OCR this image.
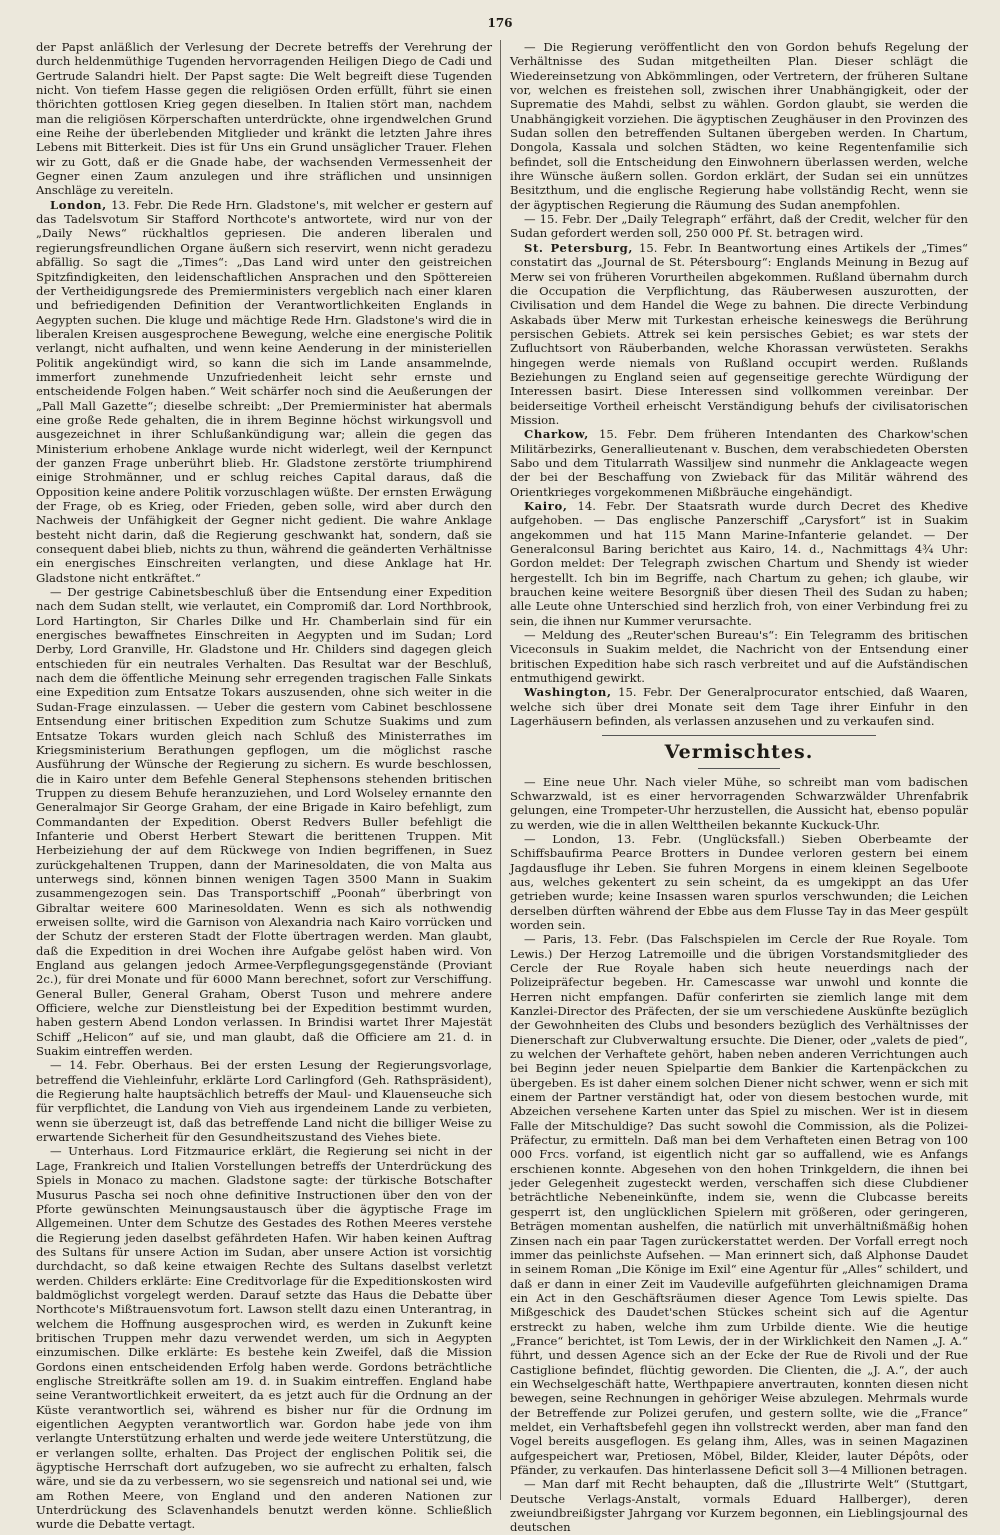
176

der Papst anläßlich der Verlesung der Decrete betreffs der Verehrung der durch heldenmüthige Tugenden hervorragenden Heiligen Diego de Cadi und Gertrude Salandri hielt. Der Papst sagte: Die Welt begreift diese Tugenden nicht. Von tiefem Hasse gegen die religiösen Orden erfüllt, führt sie einen thörichten gottlosen Krieg gegen dieselben. In Italien stört man, nachdem man die religiösen Körperschaften unterdrückte, ohne irgendwelchen Grund eine Reihe der überlebenden Mitglieder und kränkt die letzten Jahre ihres Lebens mit Bitterkeit. Dies ist für Uns ein Grund unsäglicher Trauer. Flehen wir zu Gott, daß er die Gnade habe, der wachsenden Vermessenheit der Gegner einen Zaum anzulegen und ihre sträflichen und unsinnigen Anschläge zu vereiteln.

London, 13. Febr. Die Rede Hrn. Gladstone's, mit welcher er gestern auf das Tadelsvotum Sir Stafford Northcote's antwortete, wird nur von der „Daily News“ rückhaltlos gepriesen. Die anderen liberalen und regierungsfreundlichen Organe äußern sich reservirt, wenn nicht geradezu abfällig. So sagt die „Times“: „Das Land wird unter den geistreichen Spitzfindigkeiten, den leidenschaftlichen Ansprachen und den Spöttereien der Vertheidigungsrede des Premierministers vergeblich nach einer klaren und befriedigenden Definition der Verantwortlichkeiten Englands in Aegypten suchen. Die kluge und mächtige Rede Hrn. Gladstone's wird die in liberalen Kreisen ausgesprochene Bewegung, welche eine energische Politik verlangt, nicht aufhalten, und wenn keine Aenderung in der ministeriellen Politik angekündigt wird, so kann die sich im Lande ansammelnde, immerfort zunehmende Unzufriedenheit leicht sehr ernste und entscheidende Folgen haben.“ Weit schärfer noch sind die Aeußerungen der „Pall Mall Gazette“; dieselbe schreibt: „Der Premierminister hat abermals eine große Rede gehalten, die in ihrem Beginne höchst wirkungsvoll und ausgezeichnet in ihrer Schlußankündigung war; allein die gegen das Ministerium erhobene Anklage wurde nicht widerlegt, weil der Kernpunct der ganzen Frage unberührt blieb. Hr. Gladstone zerstörte triumphirend einige Strohmänner, und er schlug reiches Capital daraus, daß die Opposition keine andere Politik vorzuschlagen wüßte. Der ernsten Erwägung der Frage, ob es Krieg, oder Frieden, geben solle, wird aber durch den Nachweis der Unfähigkeit der Gegner nicht gedient. Die wahre Anklage besteht nicht darin, daß die Regierung geschwankt hat, sondern, daß sie consequent dabei blieb, nichts zu thun, während die geänderten Verhältnisse ein energisches Einschreiten verlangten, und diese Anklage hat Hr. Gladstone nicht entkräftet.“

— Der gestrige Cabinetsbeschluß über die Entsendung einer Expedition nach dem Sudan stellt, wie verlautet, ein Compromiß dar. Lord Northbrook, Lord Hartington, Sir Charles Dilke und Hr. Chamberlain sind für ein energisches bewaffnetes Einschreiten in Aegypten und im Sudan; Lord Derby, Lord Granville, Hr. Gladstone und Hr. Childers sind dagegen gleich entschieden für ein neutrales Verhalten. Das Resultat war der Beschluß, nach dem die öffentliche Meinung sehr erregenden tragischen Falle Sinkats eine Expedition zum Entsatze Tokars auszusenden, ohne sich weiter in die Sudan-Frage einzulassen. — Ueber die gestern vom Cabinet beschlossene Entsendung einer britischen Expedition zum Schutze Suakims und zum Entsatze Tokars wurden gleich nach Schluß des Ministerrathes im Kriegsministerium Berathungen gepflogen, um die möglichst rasche Ausführung der Wünsche der Regierung zu sichern. Es wurde beschlossen, die in Kairo unter dem Befehle General Stephensons stehenden britischen Truppen zu diesem Behufe heranzuziehen, und Lord Wolseley ernannte den Generalmajor Sir George Graham, der eine Brigade in Kairo befehligt, zum Commandanten der Expedition. Oberst Redvers Buller befehligt die Infanterie und Oberst Herbert Stewart die berittenen Truppen. Mit Herbeiziehung der auf dem Rückwege von Indien begriffenen, in Suez zurückgehaltenen Truppen, dann der Marinesoldaten, die von Malta aus unterwegs sind, können binnen wenigen Tagen 3500 Mann in Suakim zusammengezogen sein. Das Transportschiff „Poonah“ überbringt von Gibraltar weitere 600 Marinesoldaten. Wenn es sich als nothwendig erweisen sollte, wird die Garnison von Alexandria nach Kairo vorrücken und der Schutz der ersteren Stadt der Flotte übertragen werden. Man glaubt, daß die Expedition in drei Wochen ihre Aufgabe gelöst haben wird. Von England aus gelangen jedoch Armee-Verpflegungsgegenstände (Proviant 2c.), für drei Monate und für 6000 Mann berechnet, sofort zur Verschiffung. General Buller, General Graham, Oberst Tuson und mehrere andere Officiere, welche zur Dienstleistung bei der Expedition bestimmt wurden, haben gestern Abend London verlassen. In Brindisi wartet Ihrer Majestät Schiff „Helicon“ auf sie, und man glaubt, daß die Officiere am 21. d. in Suakim eintreffen werden.

— 14. Febr. Oberhaus. Bei der ersten Lesung der Regierungsvorlage, betreffend die Viehleinfuhr, erklärte Lord Carlingford (Geh. Rathspräsident), die Regierung halte hauptsächlich betreffs der Maul- und Klauenseuche sich für verpflichtet, die Landung von Vieh aus irgendeinem Lande zu verbieten, wenn sie überzeugt ist, daß das betreffende Land nicht die billiger Weise zu erwartende Sicherheit für den Gesundheitszustand des Viehes biete.

— Unterhaus. Lord Fitzmaurice erklärt, die Regierung sei nicht in der Lage, Frankreich und Italien Vorstellungen betreffs der Unterdrückung des Spiels in Monaco zu machen. Gladstone sagte: der türkische Botschafter Musurus Pascha sei noch ohne definitive Instructionen über den von der Pforte gewünschten Meinungsaustausch über die ägyptische Frage im Allgemeinen. Unter dem Schutze des Gestades des Rothen Meeres verstehe die Regierung jeden daselbst gefährdeten Hafen. Wir haben keinen Auftrag des Sultans für unsere Action im Sudan, aber unsere Action ist vorsichtig durchdacht, so daß keine etwaigen Rechte des Sultans daselbst verletzt werden. Childers erklärte: Eine Creditvorlage für die Expeditionskosten wird baldmöglichst vorgelegt werden. Darauf setzte das Haus die Debatte über Northcote's Mißtrauensvotum fort. Lawson stellt dazu einen Unterantrag, in welchem die Hoffnung ausgesprochen wird, es werden in Zukunft keine britischen Truppen mehr dazu verwendet werden, um sich in Aegypten einzumischen. Dilke erklärte: Es bestehe kein Zweifel, daß die Mission Gordons einen entscheidenden Erfolg haben werde. Gordons beträchtliche englische Streitkräfte sollen am 19. d. in Suakim eintreffen. England habe seine Verantwortlichkeit erweitert, da es jetzt auch für die Ordnung an der Küste verantwortlich sei, während es bisher nur für die Ordnung im eigentlichen Aegypten verantwortlich war. Gordon habe jede von ihm verlangte Unterstützung erhalten und werde jede weitere Unterstützung, die er verlangen sollte, erhalten. Das Project der englischen Politik sei, die ägyptische Herrschaft dort aufzugeben, wo sie aufrecht zu erhalten, falsch wäre, und sie da zu verbessern, wo sie segensreich und national sei und, wie am Rothen Meere, von England und den anderen Nationen zur Unterdrückung des Sclavenhandels benutzt werden könne. Schließlich wurde die Debatte vertagt.

— Die Regierung veröffentlicht den von Gordon behufs Regelung der Verhältnisse des Sudan mitgetheilten Plan. Dieser schlägt die Wiedereinsetzung von Abkömmlingen, oder Vertretern, der früheren Sultane vor, welchen es freistehen soll, zwischen ihrer Unabhängigkeit, oder der Suprematie des Mahdi, selbst zu wählen. Gordon glaubt, sie werden die Unabhängigkeit vorziehen. Die ägyptischen Zeughäuser in den Provinzen des Sudan sollen den betreffenden Sultanen übergeben werden. In Chartum, Dongola, Kassala und solchen Städten, wo keine Regentenfamilie sich befindet, soll die Entscheidung den Einwohnern überlassen werden, welche ihre Wünsche äußern sollen. Gordon erklärt, der Sudan sei ein unnützes Besitzthum, und die englische Regierung habe vollständig Recht, wenn sie der ägyptischen Regierung die Räumung des Sudan anempfohlen.

— 15. Febr. Der „Daily Telegraph“ erfährt, daß der Credit, welcher für den Sudan gefordert werden soll, 250 000 Pf. St. betragen wird.

St. Petersburg, 15. Febr. In Beantwortung eines Artikels der „Times“ constatirt das „Journal de St. Pétersbourg“: Englands Meinung in Bezug auf Merw sei von früheren Vorurtheilen abgekommen. Rußland übernahm durch die Occupation die Verpflichtung, das Räuberwesen auszurotten, der Civilisation und dem Handel die Wege zu bahnen. Die directe Verbindung Askabads über Merw mit Turkestan erheische keineswegs die Berührung persischen Gebiets. Attrek sei kein persisches Gebiet; es war stets der Zufluchtsort von Räuberbanden, welche Khorassan verwüsteten. Serakhs hingegen werde niemals von Rußland occupirt werden. Rußlands Beziehungen zu England seien auf gegenseitige gerechte Würdigung der Interessen basirt. Diese Interessen sind vollkommen vereinbar. Der beiderseitige Vortheil erheischt Verständigung behufs der civilisatorischen Mission.

Charkow, 15. Febr. Dem früheren Intendanten des Charkow'schen Militärbezirks, Generallieutenant v. Buschen, dem verabschiedeten Obersten Sabo und dem Titularrath Wassiljew sind nunmehr die Anklageacte wegen der bei der Beschaffung von Zwieback für das Militär während des Orientkrieges vorgekommenen Mißbräuche eingehändigt.

Kairo, 14. Febr. Der Staatsrath wurde durch Decret des Khedive aufgehoben. — Das englische Panzerschiff „Carysfort“ ist in Suakim angekommen und hat 115 Mann Marine-Infanterie gelandet. — Der Generalconsul Baring berichtet aus Kairo, 14. d., Nachmittags 4¾ Uhr: Gordon meldet: Der Telegraph zwischen Chartum und Shendy ist wieder hergestellt. Ich bin im Begriffe, nach Chartum zu gehen; ich glaube, wir brauchen keine weitere Besorgniß über diesen Theil des Sudan zu haben; alle Leute ohne Unterschied sind herzlich froh, von einer Verbindung frei zu sein, die ihnen nur Kummer verursachte.

— Meldung des „Reuter'schen Bureau's“: Ein Telegramm des britischen Viceconsuls in Suakim meldet, die Nachricht von der Entsendung einer britischen Expedition habe sich rasch verbreitet und auf die Aufständischen entmuthigend gewirkt.

Washington, 15. Febr. Der Generalprocurator entschied, daß Waaren, welche sich über drei Monate seit dem Tage ihrer Einfuhr in den Lagerhäusern befinden, als verlassen anzusehen und zu verkaufen sind.

Vermischtes.

— Eine neue Uhr. Nach vieler Mühe, so schreibt man vom badischen Schwarzwald, ist es einer hervorragenden Schwarzwälder Uhrenfabrik gelungen, eine Trompeter-Uhr herzustellen, die Aussicht hat, ebenso populär zu werden, wie die in allen Welttheilen bekannte Kuckuck-Uhr.

— London, 13. Febr. (Unglücksfall.) Sieben Oberbeamte der Schiffsbaufirma Pearce Brotters in Dundee verloren gestern bei einem Jagdausfluge ihr Leben. Sie fuhren Morgens in einem kleinen Segelboote aus, welches gekentert zu sein scheint, da es umgekippt an das Ufer getrieben wurde; keine Insassen waren spurlos verschwunden; die Leichen derselben dürften während der Ebbe aus dem Flusse Tay in das Meer gespült worden sein.

— Paris, 13. Febr. (Das Falschspielen im Cercle der Rue Royale. Tom Lewis.) Der Herzog Latremoille und die übrigen Vorstandsmitglieder des Cercle der Rue Royale haben sich heute neuerdings nach der Polizeipräfectur begeben. Hr. Camescasse war unwohl und konnte die Herren nicht empfangen. Dafür conferirten sie ziemlich lange mit dem Kanzlei-Director des Präfecten, der sie um verschiedene Auskünfte bezüglich der Gewohnheiten des Clubs und besonders bezüglich des Verhältnisses der Dienerschaft zur Clubverwaltung ersuchte. Die Diener, oder „valets de pied“, zu welchen der Verhaftete gehört, haben neben anderen Verrichtungen auch bei Beginn jeder neuen Spielpartie dem Bankier die Kartenpäckchen zu übergeben. Es ist daher einem solchen Diener nicht schwer, wenn er sich mit einem der Partner verständigt hat, oder von diesem bestochen wurde, mit Abzeichen versehene Karten unter das Spiel zu mischen. Wer ist in diesem Falle der Mitschuldige? Das sucht sowohl die Commission, als die Polizei-Präfectur, zu ermitteln. Daß man bei dem Verhafteten einen Betrag von 100 000 Frcs. vorfand, ist eigentlich nicht gar so auffallend, wie es Anfangs erschienen konnte. Abgesehen von den hohen Trinkgeldern, die ihnen bei jeder Gelegenheit zugesteckt werden, verschaffen sich diese Clubdiener beträchtliche Nebeneinkünfte, indem sie, wenn die Clubcasse bereits gesperrt ist, den unglücklichen Spielern mit größeren, oder geringeren, Beträgen momentan aushelfen, die natürlich mit unverhältnißmäßig hohen Zinsen nach ein paar Tagen zurückerstattet werden. Der Vorfall erregt noch immer das peinlichste Aufsehen. — Man erinnert sich, daß Alphonse Daudet in seinem Roman „Die Könige im Exil“ eine Agentur für „Alles“ schildert, und daß er dann in einer Zeit im Vaudeville aufgeführten gleichnamigen Drama ein Act in den Geschäftsräumen dieser Agence Tom Lewis spielte. Das Mißgeschick des Daudet'schen Stückes scheint sich auf die Agentur erstreckt zu haben, welche ihm zum Urbilde diente. Wie die heutige „France“ berichtet, ist Tom Lewis, der in der Wirklichkeit den Namen „J. A.“ führt, und dessen Agence sich an der Ecke der Rue de Rivoli und der Rue Castiglione befindet, flüchtig geworden. Die Clienten, die „J. A.“, der auch ein Wechselgeschäft hatte, Werthpapiere anvertrauten, konnten diesen nicht bewegen, seine Rechnungen in gehöriger Weise abzulegen. Mehrmals wurde der Betreffende zur Polizei gerufen, und gestern sollte, wie die „France“ meldet, ein Verhaftsbefehl gegen ihn vollstreckt werden, aber man fand den Vogel bereits ausgeflogen. Es gelang ihm, Alles, was in seinen Magazinen aufgespeichert war, Pretiosen, Möbel, Bilder, Kleider, lauter Dépôts, oder Pfänder, zu verkaufen. Das hinterlassene Deficit soll 3—4 Millionen betragen.

— Man darf mit Recht behaupten, daß die „Illustrirte Welt“ (Stuttgart, Deutsche Verlags-Anstalt, vormals Eduard Hallberger), deren zweiundbreißigster Jahrgang vor Kurzem begonnen, ein Lieblingsjournal des deutschen
